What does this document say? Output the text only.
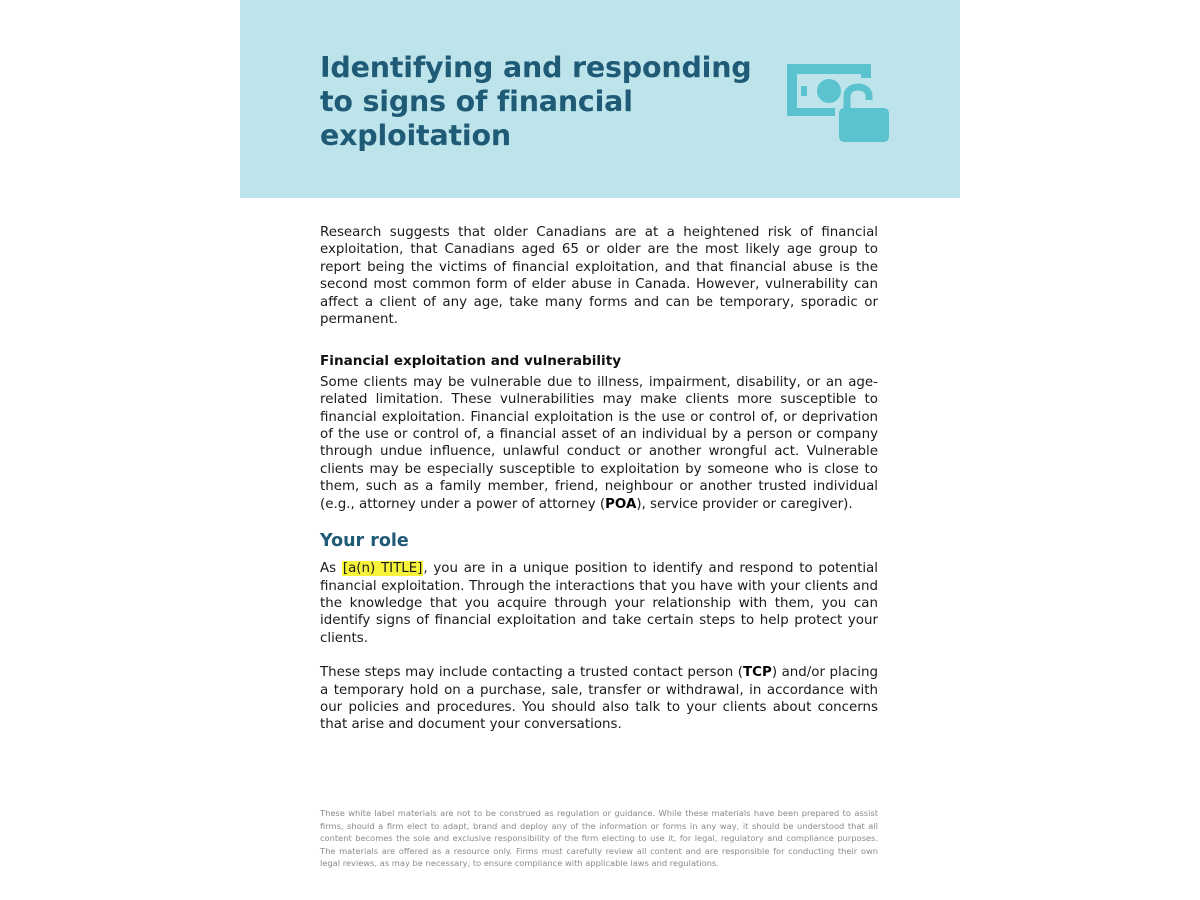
Identifying and responding to signs of financial exploitation

Research suggests that older Canadians are at a heightened risk of financial exploitation, that Canadians aged 65 or older are the most likely age group to report being the victims of financial exploitation, and that financial abuse is the second most common form of elder abuse in Canada. However, vulnerability can affect a client of any age, take many forms and can be temporary, sporadic or permanent.

Financial exploitation and vulnerability

Some clients may be vulnerable due to illness, impairment, disability, or an age-related limitation. These vulnerabilities may make clients more susceptible to financial exploitation. Financial exploitation is the use or control of, or deprivation of the use or control of, a financial asset of an individual by a person or company through undue influence, unlawful conduct or another wrongful act. Vulnerable clients may be especially susceptible to exploitation by someone who is close to them, such as a family member, friend, neighbour or another trusted individual (e.g., attorney under a power of attorney (POA), service provider or caregiver).

Your role

As [a(n) TITLE], you are in a unique position to identify and respond to potential financial exploitation. Through the interactions that you have with your clients and the knowledge that you acquire through your relationship with them, you can identify signs of financial exploitation and take certain steps to help protect your clients.

These steps may include contacting a trusted contact person (TCP) and/or placing a temporary hold on a purchase, sale, transfer or withdrawal, in accordance with our policies and procedures. You should also talk to your clients about concerns that arise and document your conversations.

These white label materials are not to be construed as regulation or guidance. While these materials have been prepared to assist firms, should a firm elect to adapt, brand and deploy any of the information or forms in any way, it should be understood that all content becomes the sole and exclusive responsibility of the firm electing to use it, for legal, regulatory and compliance purposes. The materials are offered as a resource only. Firms must carefully review all content and are responsible for conducting their own legal reviews, as may be necessary, to ensure compliance with applicable laws and regulations.
